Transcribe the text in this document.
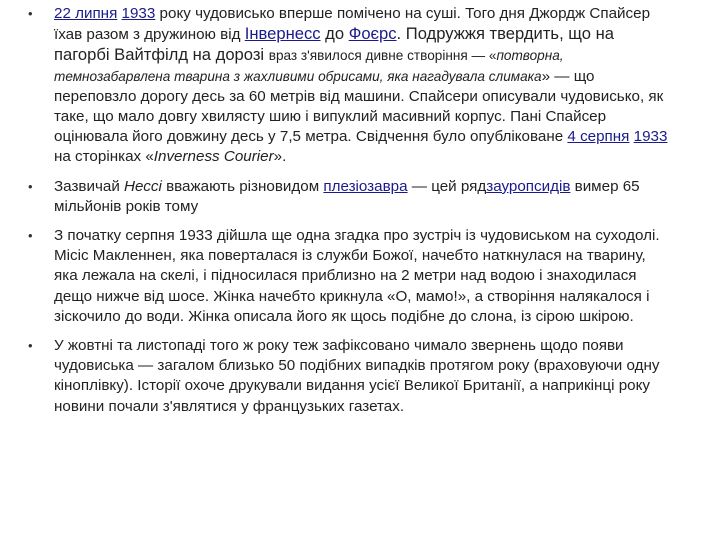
• 22 липня 1933 року чудовисько вперше помічено на суші. Того дня Джордж Спайсер їхав разом з дружиною від Інвернесс до Фоєрс. Подружжя твердить, що на пагорбі Вайтфілд на дорозі враз з'явилося дивне створіння — «потворна, темнозабарвлена тварина з жахливими обрисами, яка нагадувала слимака» — що переповзло дорогу десь за 60 метрів від машини. Спайсери описували чудовисько, як таке, що мало довгу хвилясту шию і випуклий масивний корпус. Пані Спайсер оцінювала його довжину десь у 7,5 метра. Свідчення було опубліковане 4 серпня 1933 на сторінках «Inverness Courier».
• Зазвичай Нессі вважають різновидом плезіозавра — цей рядзауропсидів вимер 65 мільйонів років тому
• З початку серпня 1933 дійшла ще одна згадка про зустріч із чудовиськом на суходолі. Місіс Макленнен, яка поверталася із служби Божої, начебто наткнулася на тварину, яка лежала на скелі, і підносилася приблизно на 2 метри над водою і знаходилася дещо нижче від шосе. Жінка начебто крикнула «О, мамо!», а створіння налякалося і зіскочило до води. Жінка описала його як щось подібне до слона, із сірою шкірою.
• У жовтні та листопаді того ж року теж зафіксовано чимало звернень щодо появи чудовиська — загалом близько 50 подібних випадків протягом року (враховуючи одну кіноплівку). Історії охоче друкували видання усієї Великої Британії, а наприкінці року новини почали з'являтися у французьких газетах.
